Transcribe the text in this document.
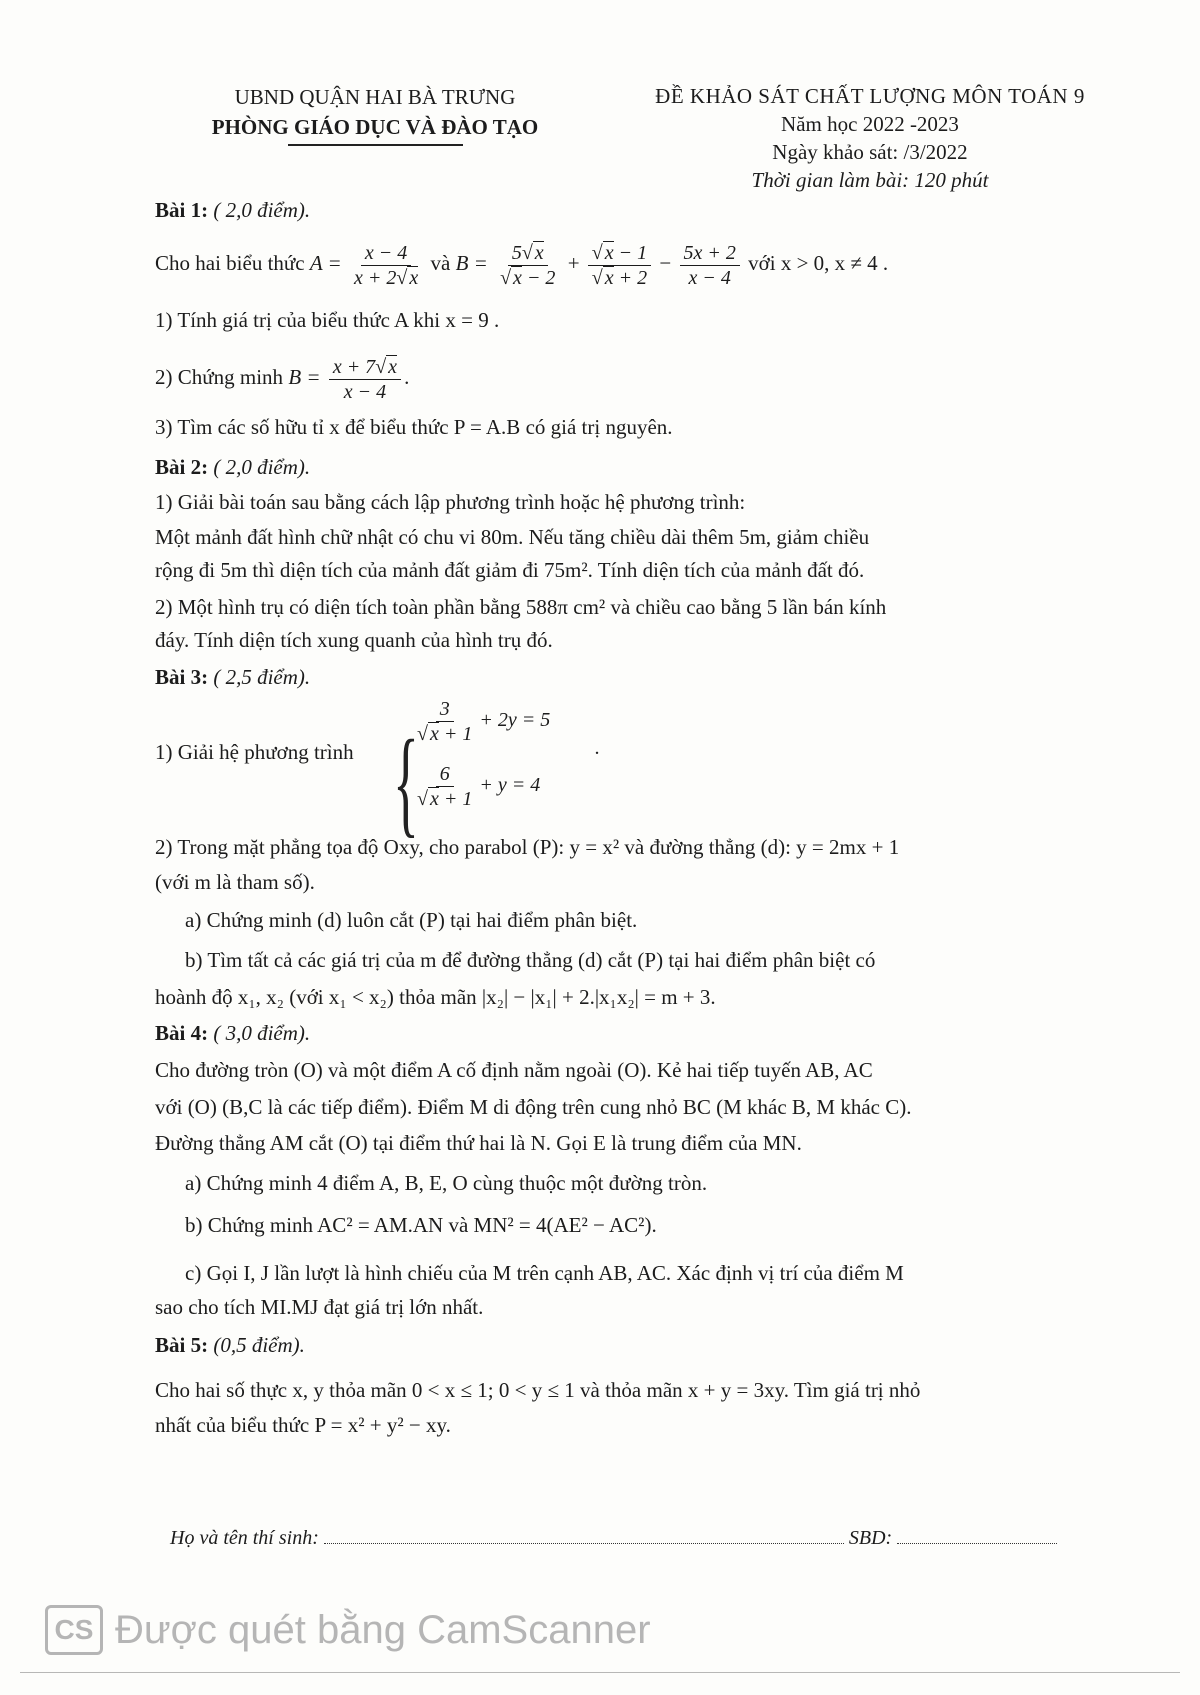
UBND QUẬN HAI BÀ TRƯNG
PHÒNG GIÁO DỤC VÀ ĐÀO TẠO
ĐỀ KHẢO SÁT CHẤT LƯỢNG MÔN TOÁN 9
Năm học 2022 -2023
Ngày khảo sát: /3/2022
Thời gian làm bài: 120 phút
Bài 1: ( 2,0 điểm).
Cho hai biểu thức $A = \frac{x - 4}{x + 2√ x}$ và $B = \frac{5√ x}{√ x - 2} + \frac{√ x - 1}{√ x + 2} - \frac{5x + 2}{x - 4}$ với x > 0, x ≠ 4 .
1) Tính giá trị của biểu thức A khi x = 9 .
2) Chứng minh $B = \frac{x + 7√ x}{x - 4}$ .
3) Tìm các số hữu tỉ x để biểu thức P = A.B có giá trị nguyên.
Bài 2: ( 2,0 điểm).
1) Giải bài toán sau bằng cách lập phương trình hoặc hệ phương trình:
Một mảnh đất hình chữ nhật có chu vi 80m. Nếu tăng chiều dài thêm 5m, giảm chiều
rộng đi 5m thì diện tích của mảnh đất giảm đi 75m². Tính diện tích của mảnh đất đó.
2) Một hình trụ có diện tích toàn phần bằng 588π cm² và chiều cao bằng 5 lần bán kính
đáy. Tính diện tích xung quanh của hình trụ đó.
Bài 3: ( 2,5 điểm).
1) Giải hệ phương trình {
$\frac{3}{√ x + 1} + 2y = 5$
$\frac{6}{√ x + 1} + y = 4$
.
2) Trong mặt phẳng tọa độ Oxy, cho parabol (P): y = x² và đường thẳng (d): y = 2mx + 1
(với m là tham số).
a) Chứng minh (d) luôn cắt (P) tại hai điểm phân biệt.
b) Tìm tất cả các giá trị của m để đường thẳng (d) cắt (P) tại hai điểm phân biệt có
hoành độ x₁, x₂ (với x₁ < x₂) thỏa mãn |x₂| − |x₁| + 2.|x₁x₂| = m + 3.
Bài 4: ( 3,0 điểm).
Cho đường tròn (O) và một điểm A cố định nằm ngoài (O). Kẻ hai tiếp tuyến AB, AC
với (O) (B,C là các tiếp điểm). Điểm M di động trên cung nhỏ BC (M khác B, M khác C).
Đường thẳng AM cắt (O) tại điểm thứ hai là N. Gọi E là trung điểm của MN.
a) Chứng minh 4 điểm A, B, E, O cùng thuộc một đường tròn.
b) Chứng minh AC² = AM.AN và MN² = 4(AE² − AC²).
c) Gọi I, J lần lượt là hình chiếu của M trên cạnh AB, AC. Xác định vị trí của điểm M
sao cho tích MI.MJ đạt giá trị lớn nhất.
Bài 5: (0,5 điểm).
Cho hai số thực x, y thỏa mãn 0 < x ≤ 1; 0 < y ≤ 1 và thỏa mãn x + y = 3xy. Tìm giá trị nhỏ
nhất của biểu thức P = x² + y² − xy.
Họ và tên thí sinh:	SBD:
CS Được quét bằng CamScanner
